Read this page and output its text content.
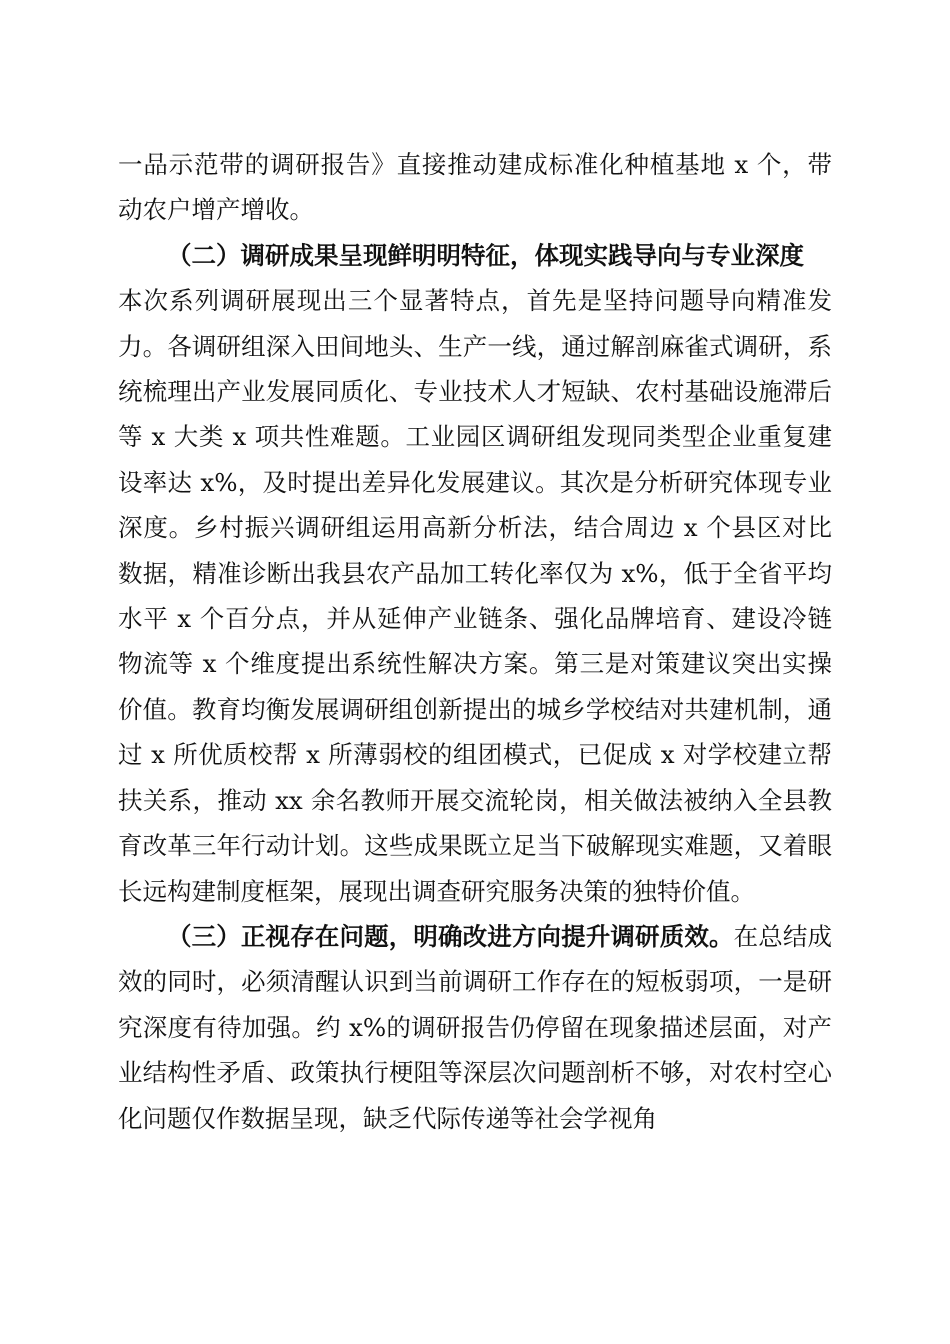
一品示范带的调研报告》直接推动建成标准化种植基地 x 个，带动农户增产增收。

（二）调研成果呈现鲜明明特征，体现实践导向与专业深度

本次系列调研展现出三个显著特点，首先是坚持问题导向精准发力。各调研组深入田间地头、生产一线，通过解剖麻雀式调研，系统梳理出产业发展同质化、专业技术人才短缺、农村基础设施滞后等 x 大类 x 项共性难题。工业园区调研组发现同类型企业重复建设率达 x%，及时提出差异化发展建议。其次是分析研究体现专业深度。乡村振兴调研组运用高新分析法，结合周边 x 个县区对比数据，精准诊断出我县农产品加工转化率仅为 x%，低于全省平均水平 x 个百分点，并从延伸产业链条、强化品牌培育、建设冷链物流等 x 个维度提出系统性解决方案。第三是对策建议突出实操价值。教育均衡发展调研组创新提出的城乡学校结对共建机制，通过 x 所优质校帮 x 所薄弱校的组团模式，已促成 x 对学校建立帮扶关系，推动 xx 余名教师开展交流轮岗，相关做法被纳入全县教育改革三年行动计划。这些成果既立足当下破解现实难题，又着眼长远构建制度框架，展现出调查研究服务决策的独特价值。

（三）正视存在问题，明确改进方向提升调研质效。在总结成效的同时，必须清醒认识到当前调研工作存在的短板弱项，一是研究深度有待加强。约 x%的调研报告仍停留在现象描述层面，对产业结构性矛盾、政策执行梗阻等深层次问题剖析不够，对农村空心化问题仅作数据呈现，缺乏代际传递等社会学视角
